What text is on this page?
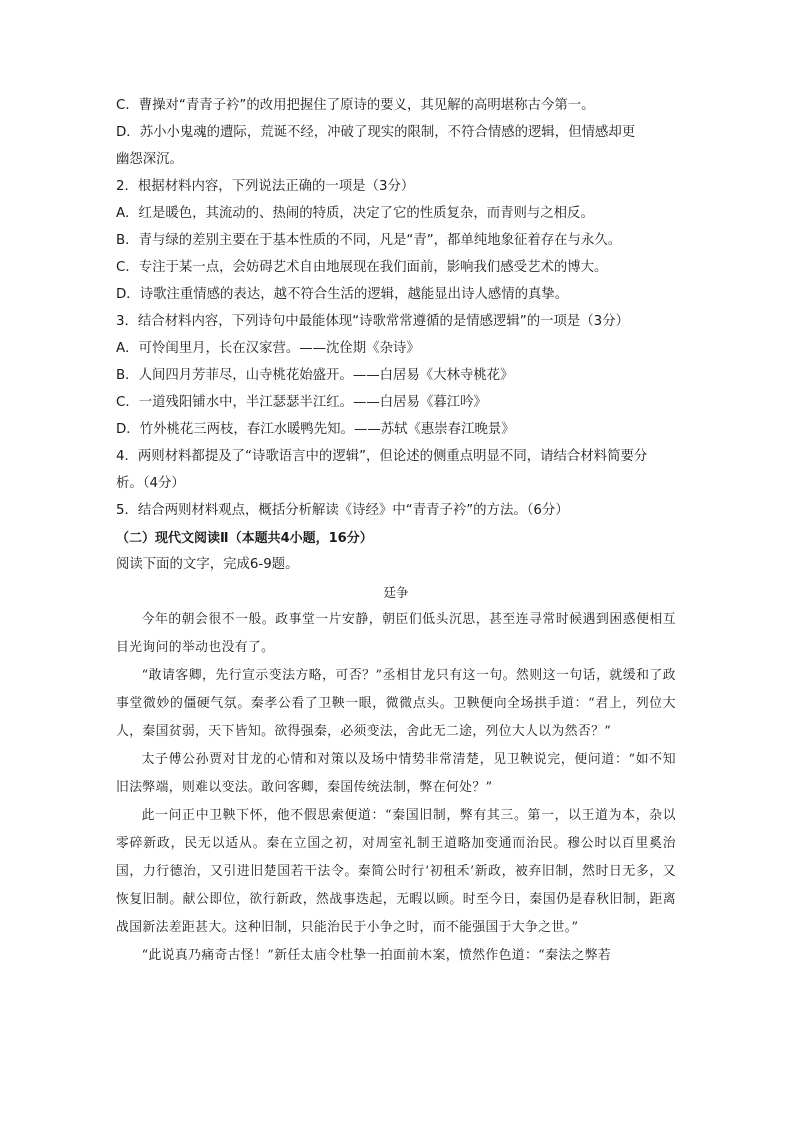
C．曹操对“青青子衿”的改用把握住了原诗的要义，其见解的高明堪称古今第一。
D．苏小小鬼魂的遭际，荒诞不经，冲破了现实的限制，不符合情感的逻辑，但情感却更
幽怨深沉。
2．根据材料内容，下列说法正确的一项是（3分）
A．红是暖色，其流动的、热闹的特质，决定了它的性质复杂，而青则与之相反。
B．青与绿的差别主要在于基本性质的不同，凡是“青”，都单纯地象征着存在与永久。
C．专注于某一点，会妨碍艺术自由地展现在我们面前，影响我们感受艺术的博大。
D．诗歌注重情感的表达，越不符合生活的逻辑，越能显出诗人感情的真挚。
3．结合材料内容，下列诗句中最能体现“诗歌常常遵循的是情感逻辑”的一项是（3分）
A．可怜闺里月，长在汉家营。——沈佺期《杂诗》
B．人间四月芳菲尽，山寺桃花始盛开。——白居易《大林寺桃花》
C．一道残阳铺水中，半江瑟瑟半江红。——白居易《暮江吟》
D．竹外桃花三两枝，春江水暖鸭先知。——苏轼《惠崇春江晚景》
4．两则材料都提及了“诗歌语言中的逻辑”，但论述的侧重点明显不同，请结合材料简要分
析。（4分）
5．结合两则材料观点，概括分析解读《诗经》中“青青子衿”的方法。（6分）
（二）现代文阅读Ⅱ（本题共4小题，16分）
阅读下面的文字，完成6-9题。
廷争

今年的朝会很不一般。政事堂一片安静，朝臣们低头沉思，甚至连寻常时候遇到困惑便相互目光询问的举动也没有了。

“敢请客卿，先行宣示变法方略，可否？”丞相甘龙只有这一句。然则这一句话，就缓和了政事堂微妙的僵硬气氛。秦孝公看了卫鞅一眼，微微点头。卫鞅便向全场拱手道：“君上，列位大人，秦国贫弱，天下皆知。欲得强秦，必须变法，舍此无二途，列位大人以为然否？”

太子傅公孙贾对甘龙的心情和对策以及场中情势非常清楚，见卫鞅说完，便问道：“如不知旧法弊端，则难以变法。敢问客卿，秦国传统法制，弊在何处？”

此一问正中卫鞅下怀，他不假思索便道：“秦国旧制，弊有其三。第一，以王道为本，杂以零碎新政，民无以适从。秦在立国之初，对周室礼制王道略加变通而治民。穆公时以百里奚治国，力行德治，又引进旧楚国若干法令。秦简公时行‘初租禾’新政，被弃旧制，然时日无多，又恢复旧制。献公即位，欲行新政，然战事迭起，无暇以顾。时至今日，秦国仍是春秋旧制，距离战国新法差距甚大。这种旧制，只能治民于小争之时，而不能强国于大争之世。”

“此说真乃痛奇古怪！”新任太庙令杜挚一拍面前木案，愤然作色道：“秦法之弊若
